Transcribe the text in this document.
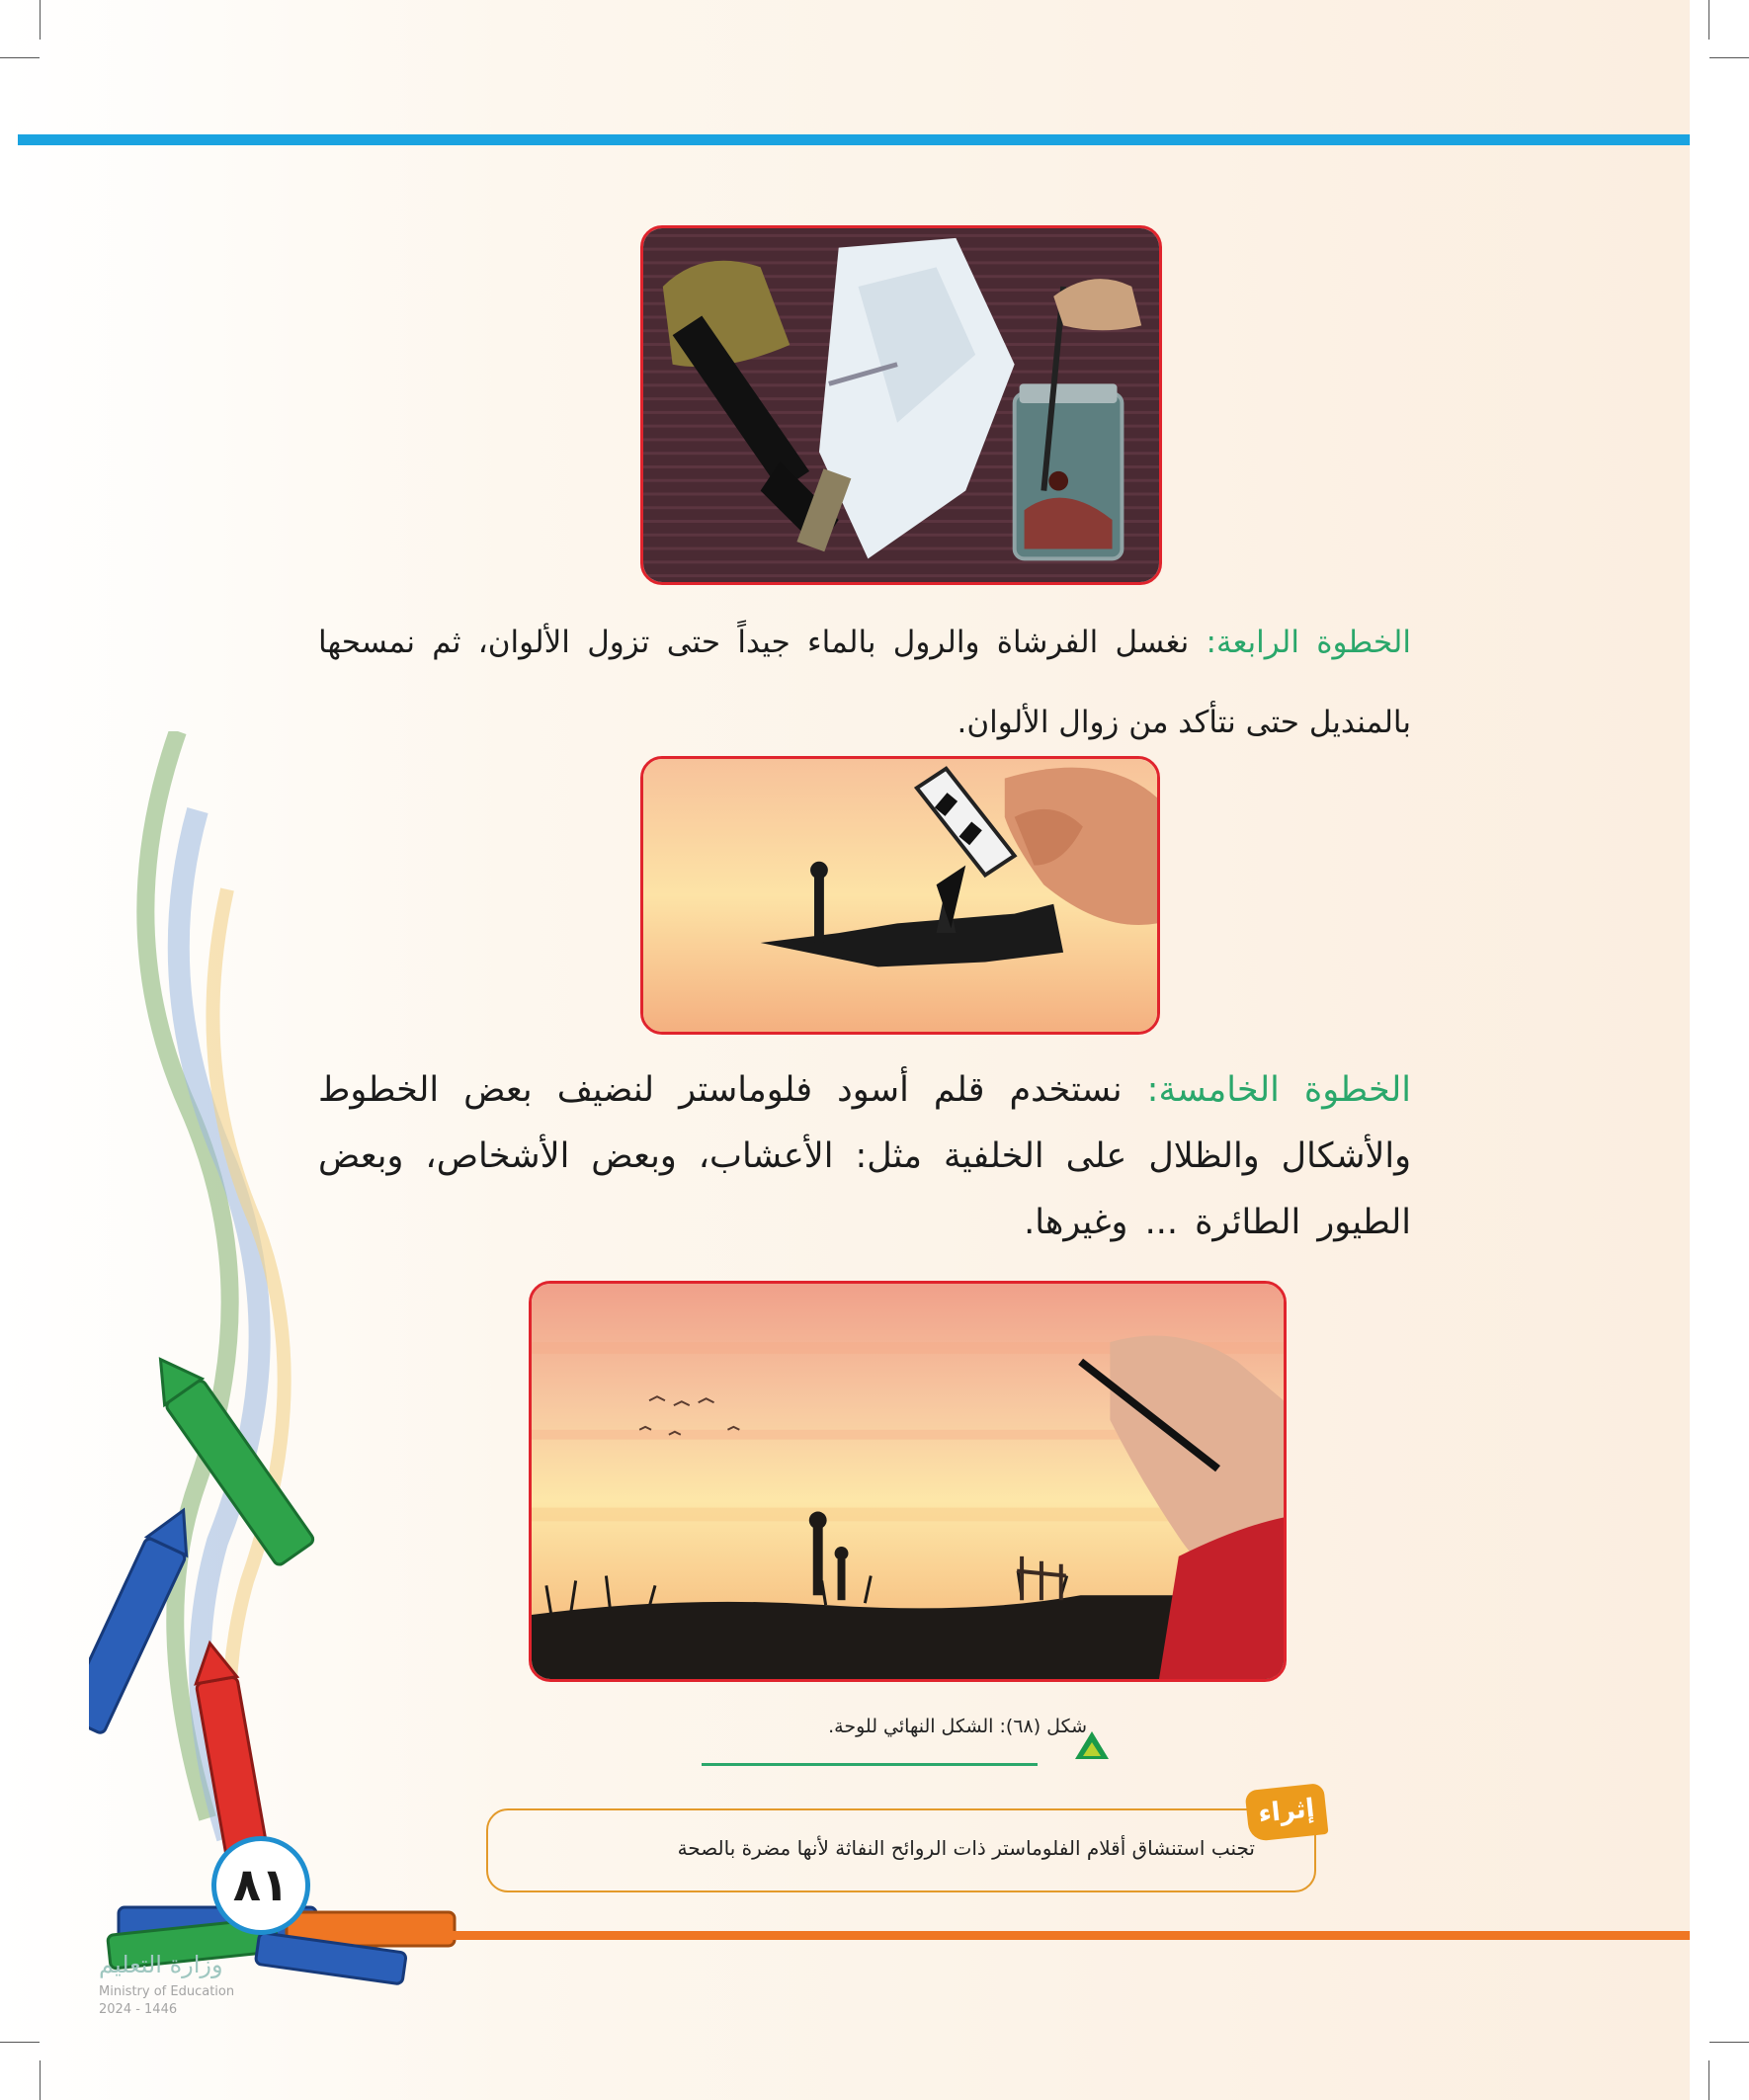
الخطوة الرابعة: نغسل الفرشاة والرول بالماء جيداً حتى تزول الألوان، ثم نمسحها بالمنديل حتى نتأكد من زوال الألوان.
الخطوة الخامسة: نستخدم قلم أسود فلوماستر لنضيف بعض الخطوط والأشكال والظلال على الخلفية مثل: الأعشاب، وبعض الأشخاص، وبعض الطيور الطائرة ... وغيرها.
شكل (٦٨): الشكل النهائي للوحة.
إثراء
تجنب استنشاق أقلام الفلوماستر ذات الروائح النفاثة لأنها مضرة بالصحة
٨١
وزارة التعليم
Ministry of Education
2024 - 1446
